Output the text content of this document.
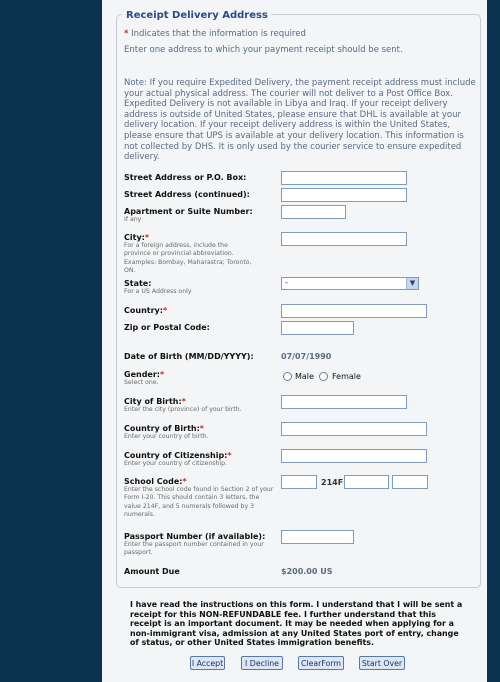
Receipt Delivery Address
* Indicates that the information is required
Enter one address to which your payment receipt should be sent.
Note: If you require Expedited Delivery, the payment receipt address must include your actual physical address. The courier will not deliver to a Post Office Box. Expedited Delivery is not available in Libya and Iraq. If your receipt delivery address is outside of United States, please ensure that DHL is available at your delivery location. If your receipt delivery address is within the United States, please ensure that UPS is available at your delivery location. This information is not collected by DHS. It is only used by the courier service to ensure expedited delivery.
Street Address or P.O. Box:
Street Address (continued):
Apartment or Suite Number:
If any
City:*
For a foreign address, include the province or provincial abbreviation. Examples: Bombay, Maharastra; Toronto, ON.
State:
For a US Address only
-	▼
Country:*
Zip or Postal Code:
Date of Birth (MM/DD/YYYY):	07/07/1990
Gender:*
Select one.
Male Female
City of Birth:*
Enter the city (province) of your birth.
Country of Birth:*
Enter your country of birth.
Country of Citizenship:*
Enter your country of citizenship.
School Code:*
Enter the school code found in Section 2 of your Form I-20. This should contain 3 letters, the value 214F, and 5 numerals followed by 3 numerals.
214F
Passport Number (if available):
Enter the passport number contained in your passport.
Amount Due	$200.00 US
I have read the instructions on this form. I understand that I will be sent a receipt for this NON-REFUNDABLE fee. I further understand that this receipt is an important document. It may be needed when applying for a non-immigrant visa, admission at any United States port of entry, change of status, or other United States immigration benefits.
I Accept	I Decline	ClearForm	Start Over
